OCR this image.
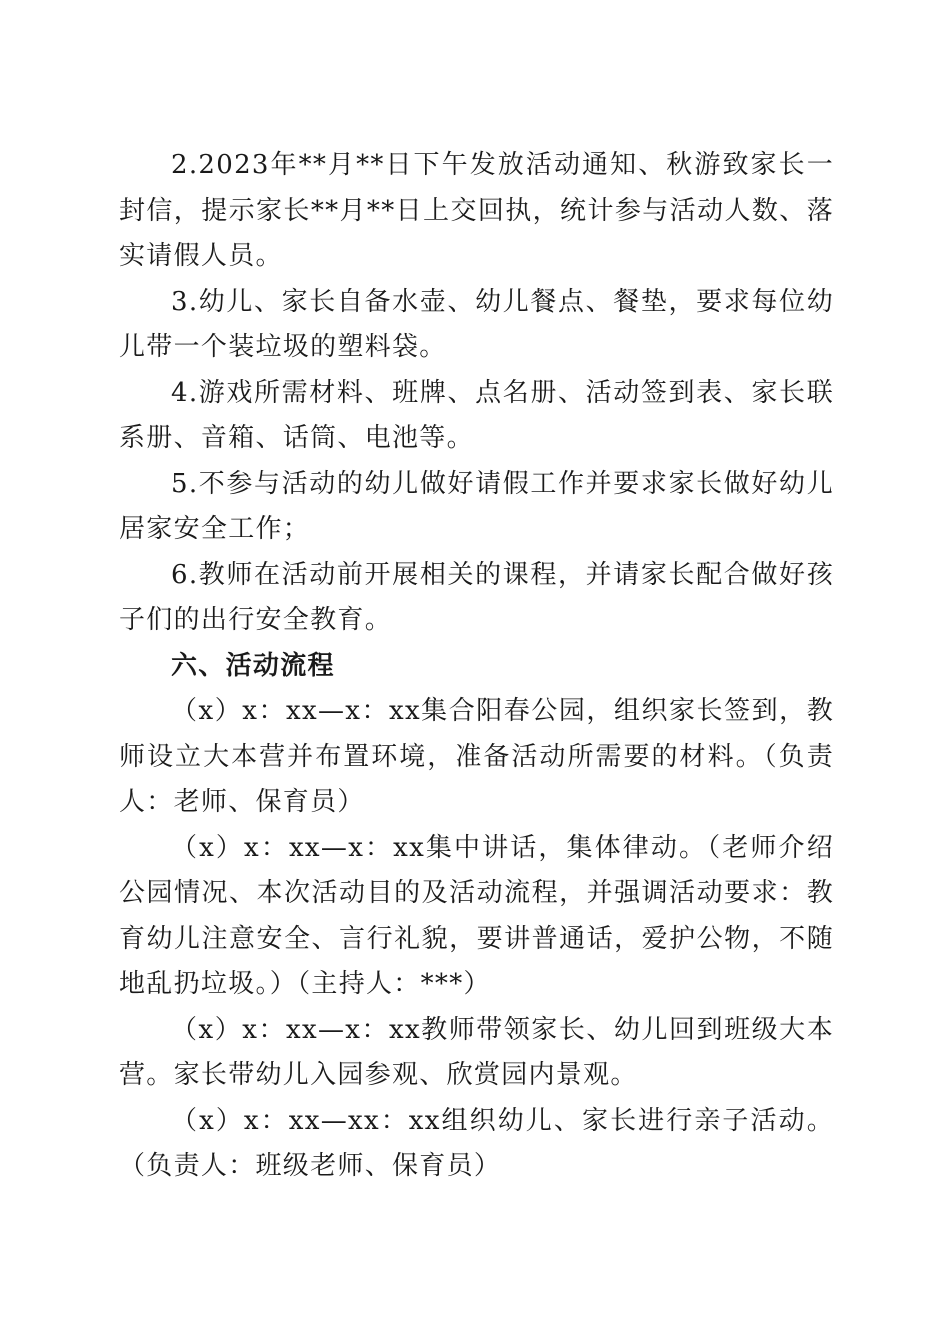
2.2023年**月**日下午发放活动通知、秋游致家长一封信，提示家长**月**日上交回执，统计参与活动人数、落实请假人员。

3.幼儿、家长自备水壶、幼儿餐点、餐垫，要求每位幼儿带一个装垃圾的塑料袋。

4.游戏所需材料、班牌、点名册、活动签到表、家长联系册、音箱、话筒、电池等。

5.不参与活动的幼儿做好请假工作并要求家长做好幼儿居家安全工作；

6.教师在活动前开展相关的课程，并请家长配合做好孩子们的出行安全教育。

六、活动流程

（x）x：xx—x：xx集合阳春公园，组织家长签到，教师设立大本营并布置环境，准备活动所需要的材料。（负责人：老师、保育员）

（x）x：xx—x：xx集中讲话，集体律动。（老师介绍公园情况、本次活动目的及活动流程，并强调活动要求：教育幼儿注意安全、言行礼貌，要讲普通话，爱护公物，不随地乱扔垃圾。）（主持人：***）

（x）x：xx—x：xx教师带领家长、幼儿回到班级大本营。家长带幼儿入园参观、欣赏园内景观。

（x）x：xx—xx：xx组织幼儿、家长进行亲子活动。（负责人：班级老师、保育员）
